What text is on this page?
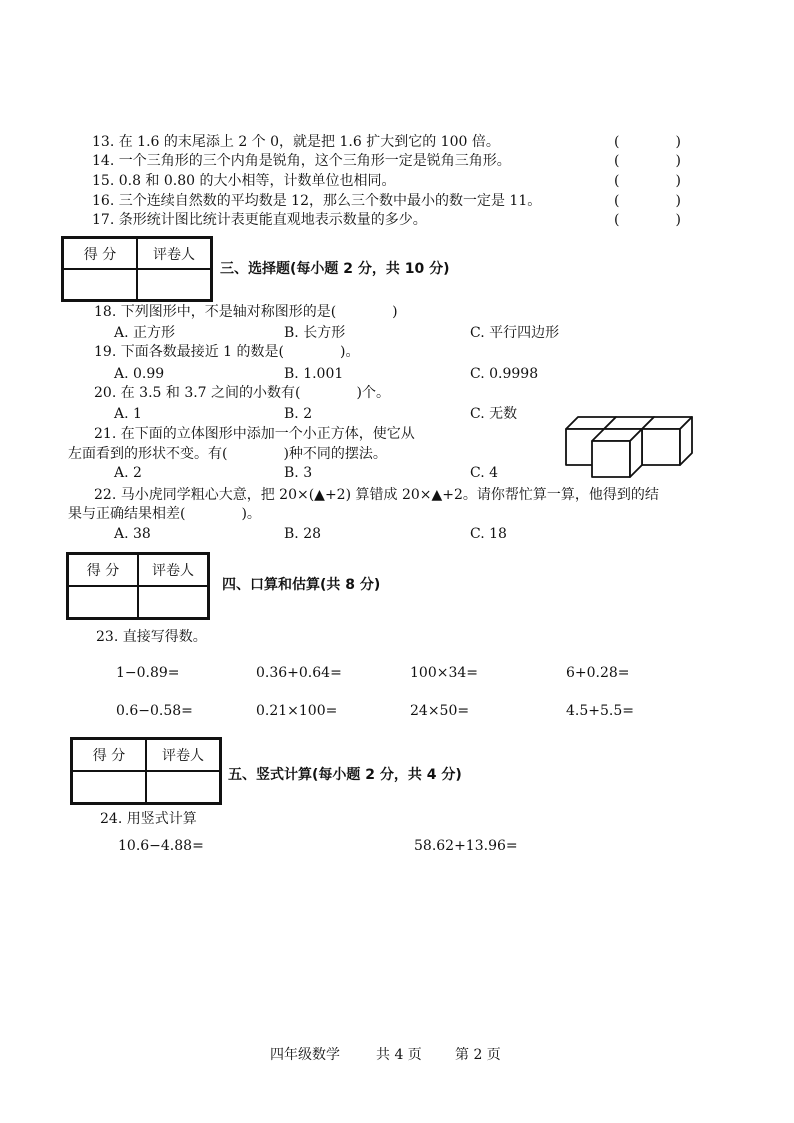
13. 在 1.6 的末尾添上 2 个 0，就是把 1.6 扩大到它的 100 倍。	(　　　　)
14. 一个三角形的三个内角是锐角，这个三角形一定是锐角三角形。	(　　　　)
15. 0.8 和 0.80 的大小相等，计数单位也相同。	(　　　　)
16. 三个连续自然数的平均数是 12，那么三个数中最小的数一定是 11。	(　　　　)
17. 条形统计图比统计表更能直观地表示数量的多少。	(　　　　)
得 分	评卷人
三、选择题(每小题 2 分，共 10 分)
18. 下列图形中，不是轴对称图形的是(　　　　)
A. 正方形	B. 长方形	C. 平行四边形
19. 下面各数最接近 1 的数是(　　　　)。
A. 0.99	B. 1.001	C. 0.9998
20. 在 3.5 和 3.7 之间的小数有(　　　　)个。
A. 1	B. 2	C. 无数
21. 在下面的立体图形中添加一个小正方体，使它从
左面看到的形状不变。有(　　　　)种不同的摆法。
A. 2	B. 3	C. 4
22. 马小虎同学粗心大意，把 20×(▲+2) 算错成 20×▲+2。请你帮忙算一算，他得到的结
果与正确结果相差(　　　　)。
A. 38	B. 28	C. 18
得 分	评卷人
四、口算和估算(共 8 分)
23. 直接写得数。
1−0.89=	0.36+0.64=	100×34=	6+0.28=
0.6−0.58=	0.21×100=	24×50=	4.5+5.5=
得 分	评卷人
五、竖式计算(每小题 2 分，共 4 分)
24. 用竖式计算
10.6−4.88=	58.62+13.96=
四年级数学	共 4 页 第 2 页
